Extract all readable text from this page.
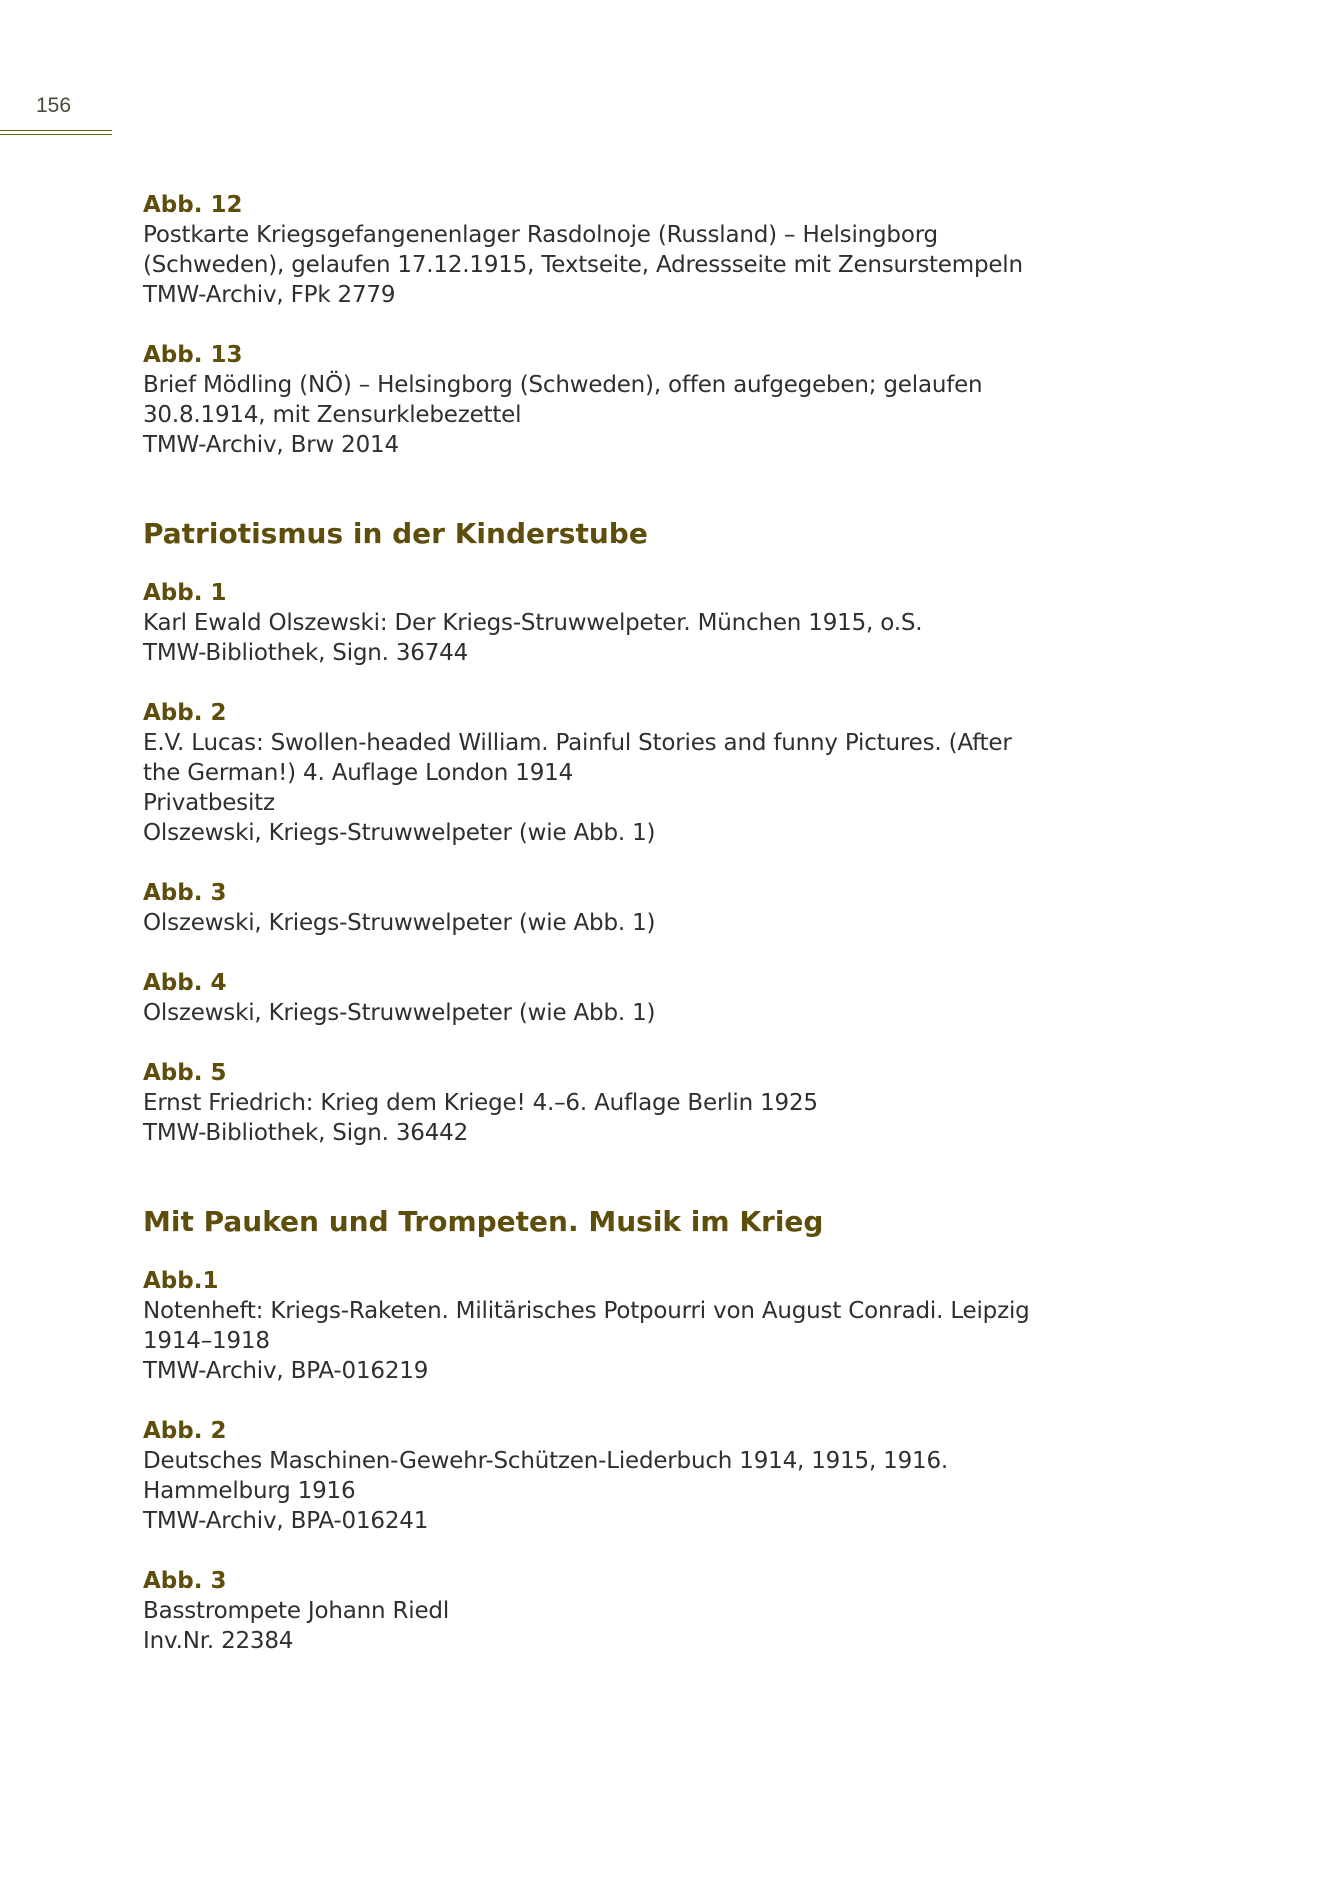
156
Abb. 12
Postkarte Kriegsgefangenenlager Rasdolnoje (Russland) – Helsingborg
(Schweden), gelaufen 17.12.1915, Textseite, Adressseite mit Zensurstempeln
TMW-Archiv, FPk 2779
Abb. 13
Brief Mödling (NÖ) – Helsingborg (Schweden), offen aufgegeben; gelaufen
30.8.1914, mit Zensurklebezettel
TMW-Archiv, Brw 2014
Patriotismus in der Kinderstube
Abb. 1
Karl Ewald Olszewski: Der Kriegs-Struwwelpeter. München 1915, o.S.
TMW-Bibliothek, Sign. 36744
Abb. 2
E.V. Lucas: Swollen-headed William. Painful Stories and funny Pictures. (After
the German!) 4. Auflage London 1914
Privatbesitz
Olszewski, Kriegs-Struwwelpeter (wie Abb. 1)
Abb. 3
Olszewski, Kriegs-Struwwelpeter (wie Abb. 1)
Abb. 4
Olszewski, Kriegs-Struwwelpeter (wie Abb. 1)
Abb. 5
Ernst Friedrich: Krieg dem Kriege! 4.–6. Auflage Berlin 1925
TMW-Bibliothek, Sign. 36442
Mit Pauken und Trompeten. Musik im Krieg
Abb.1
Notenheft: Kriegs-Raketen. Militärisches Potpourri von August Conradi. Leipzig
1914–1918
TMW-Archiv, BPA-016219
Abb. 2
Deutsches Maschinen-Gewehr-Schützen-Liederbuch 1914, 1915, 1916.
Hammelburg 1916
TMW-Archiv, BPA-016241
Abb. 3
Basstrompete Johann Riedl
Inv.Nr. 22384
